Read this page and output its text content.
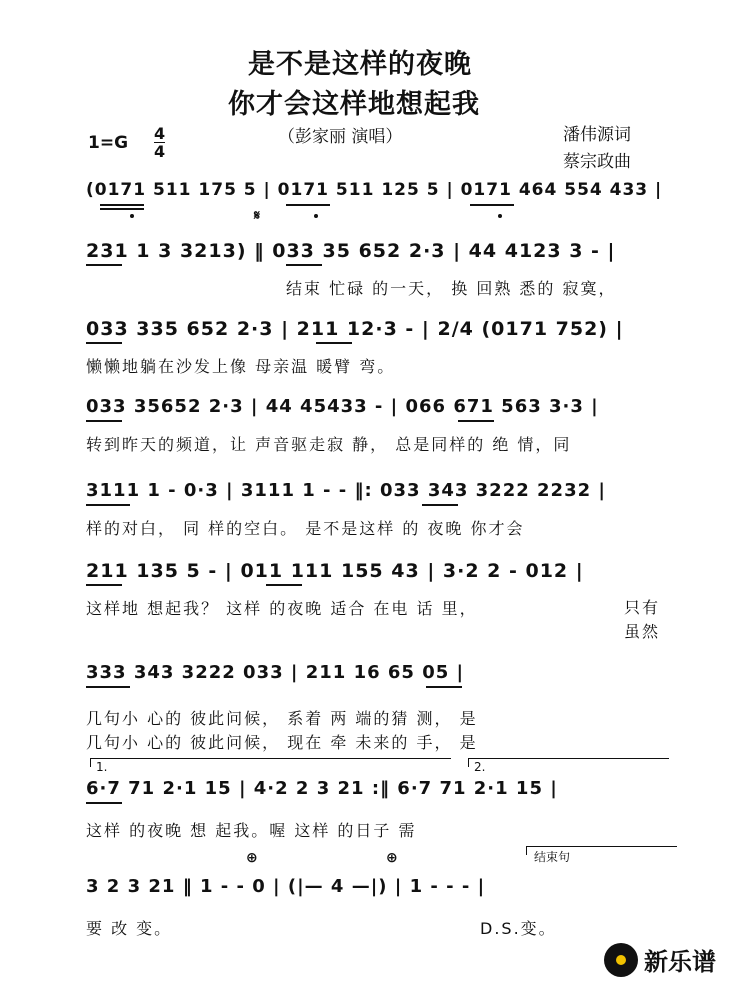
是不是这样的夜晚
你才会这样地想起我
（彭家丽 演唱）	潘伟源词
蔡宗政曲
$1=G \frac{4}{4}$
(0171 511 175 5 | 0171 511 125 5 | 0171 464 554 433 |
𝄋
231 1 3 3213) ‖ 033 35 652 2·3 | 44 4123 3 - |
结束 忙碌 的一天， 换 回熟 悉的 寂寞，
033 335 652 2·3 | 211 12·3 - | 2/4 (0171 752) |
懒懒地躺在沙发上像 母亲温 暖臂 弯。
033 35652 2·3 | 44 45433 - | 066 671 563 3·3 |
转到昨天的频道，让 声音驱走寂 静， 总是同样的 绝 情，同
3111 1 - 0·3 | 3111 1 - - ‖: 033 343 3222 2232 |
样的对白， 同 样的空白。 是不是这样 的 夜晚 你才会
211 135 5 - | 011 111 155 43 | 3·2 2 - 012 |
这样地 想起我？ 这样 的夜晚 适合 在电 话 里，	只有 虽然
333 343 3222 033 | 211 16 65 05 |
几句小 心的 彼此问候， 系着 两 端的猜 测， 是
几句小 心的 彼此问候， 现在 牵 未来的 手， 是
1.	2.
6·7 71 2·1 15 | 4·2 2 3 21 :‖ 6·7 71 2·1 15 |
这样 的夜晚 想 起我。喔 这样 的日子 需
⊕	⊕	结束句
3 2 3 21 ‖ 1 - - 0 | (|— 4 —|) | 1 - - - |
要 改 变。	D.S.变。
新乐谱
